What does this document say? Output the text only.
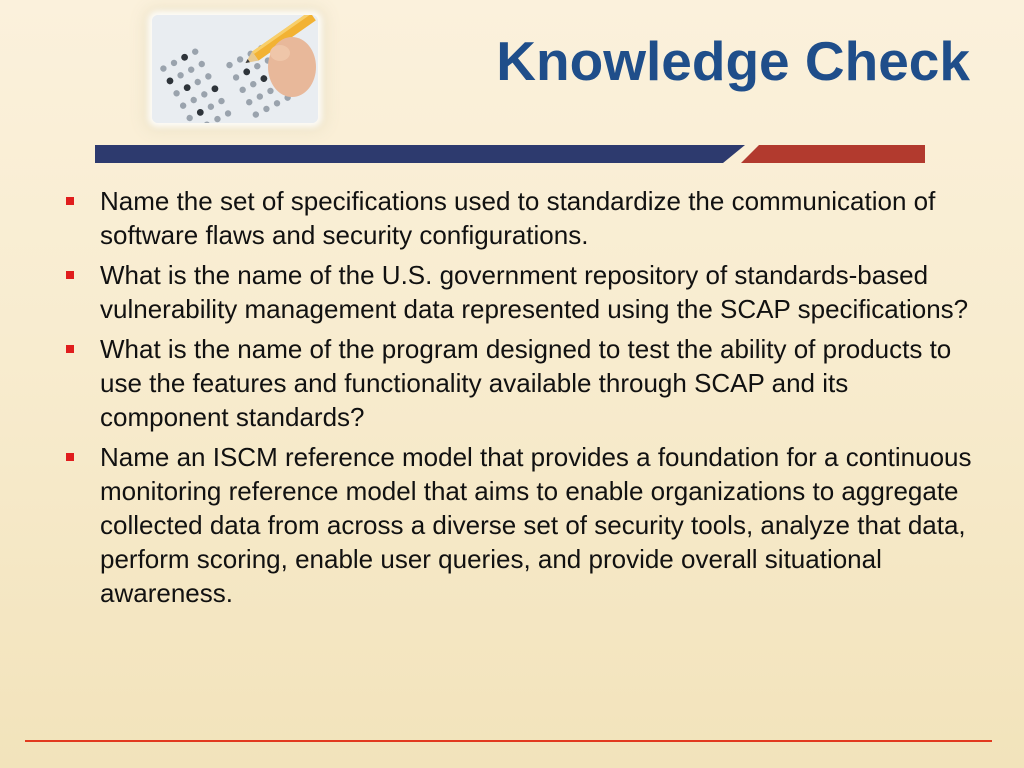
Knowledge Check
Name the set of specifications used to standardize the communication of software flaws and security configurations.
What is the name of the U.S. government repository of standards-based vulnerability management data represented using the SCAP specifications?
What is the name of the program designed to test the ability of products to use the features and functionality available through SCAP and its component standards?
Name an ISCM reference model that provides a foundation for a continuous monitoring reference model that aims to enable organizations to aggregate collected data from across a diverse set of security tools, analyze that data, perform scoring, enable user queries, and provide overall situational awareness.
